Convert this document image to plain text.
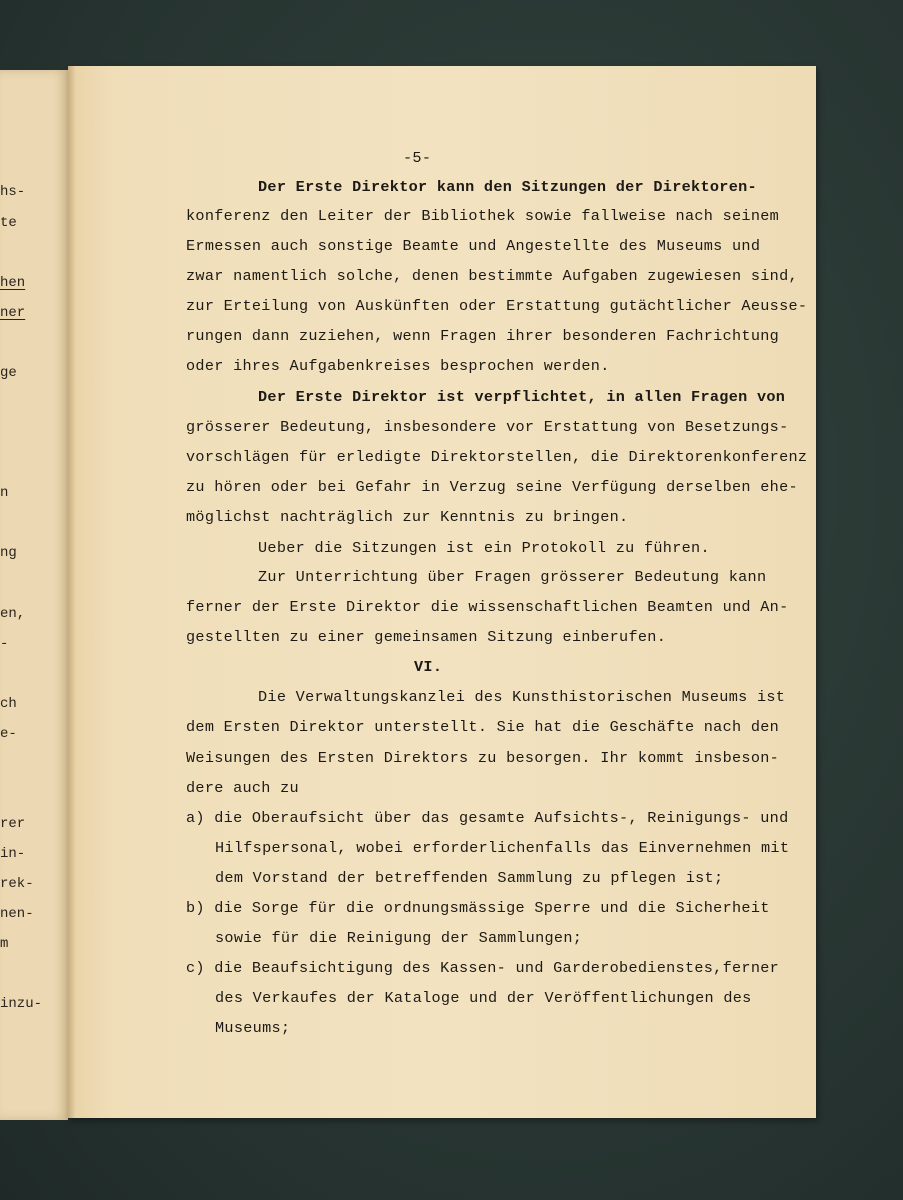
hs-
te
hen
ner
ge
n
ng
en,
-
ch
e-
rer
in-
rek-
nen-
m
inzu-
-5-
Der Erste Direktor kann den Sitzungen der Direktoren-
konferenz den Leiter der Bibliothek sowie fallweise nach seinem
Ermessen auch sonstige Beamte und Angestellte des Museums und
zwar namentlich solche, denen bestimmte Aufgaben zugewiesen sind,
zur Erteilung von Auskünften oder Erstattung gutächtlicher Aeusse-
rungen dann zuziehen, wenn Fragen ihrer besonderen Fachrichtung
oder ihres Aufgabenkreises besprochen werden.
Der Erste Direktor ist verpflichtet, in allen Fragen von
grösserer Bedeutung, insbesondere vor Erstattung von Besetzungs-
vorschlägen für erledigte Direktorstellen, die Direktorenkonferenz
zu hören oder bei Gefahr in Verzug seine Verfügung derselben ehe-
möglichst nachträglich zur Kenntnis zu bringen.
Ueber die Sitzungen ist ein Protokoll zu führen.
Zur Unterrichtung über Fragen grösserer Bedeutung kann
ferner der Erste Direktor die wissenschaftlichen Beamten und An-
gestellten zu einer gemeinsamen Sitzung einberufen.
VI.
Die Verwaltungskanzlei des Kunsthistorischen Museums ist
dem Ersten Direktor unterstellt. Sie hat die Geschäfte nach den
Weisungen des Ersten Direktors zu besorgen. Ihr kommt insbeson-
dere auch zu
a) die Oberaufsicht über das gesamte Aufsichts-, Reinigungs- und
Hilfspersonal, wobei erforderlichenfalls das Einvernehmen mit
dem Vorstand der betreffenden Sammlung zu pflegen ist;
b) die Sorge für die ordnungsmässige Sperre und die Sicherheit
sowie für die Reinigung der Sammlungen;
c) die Beaufsichtigung des Kassen- und Garderobedienstes,ferner
des Verkaufes der Kataloge und der Veröffentlichungen des
Museums;
